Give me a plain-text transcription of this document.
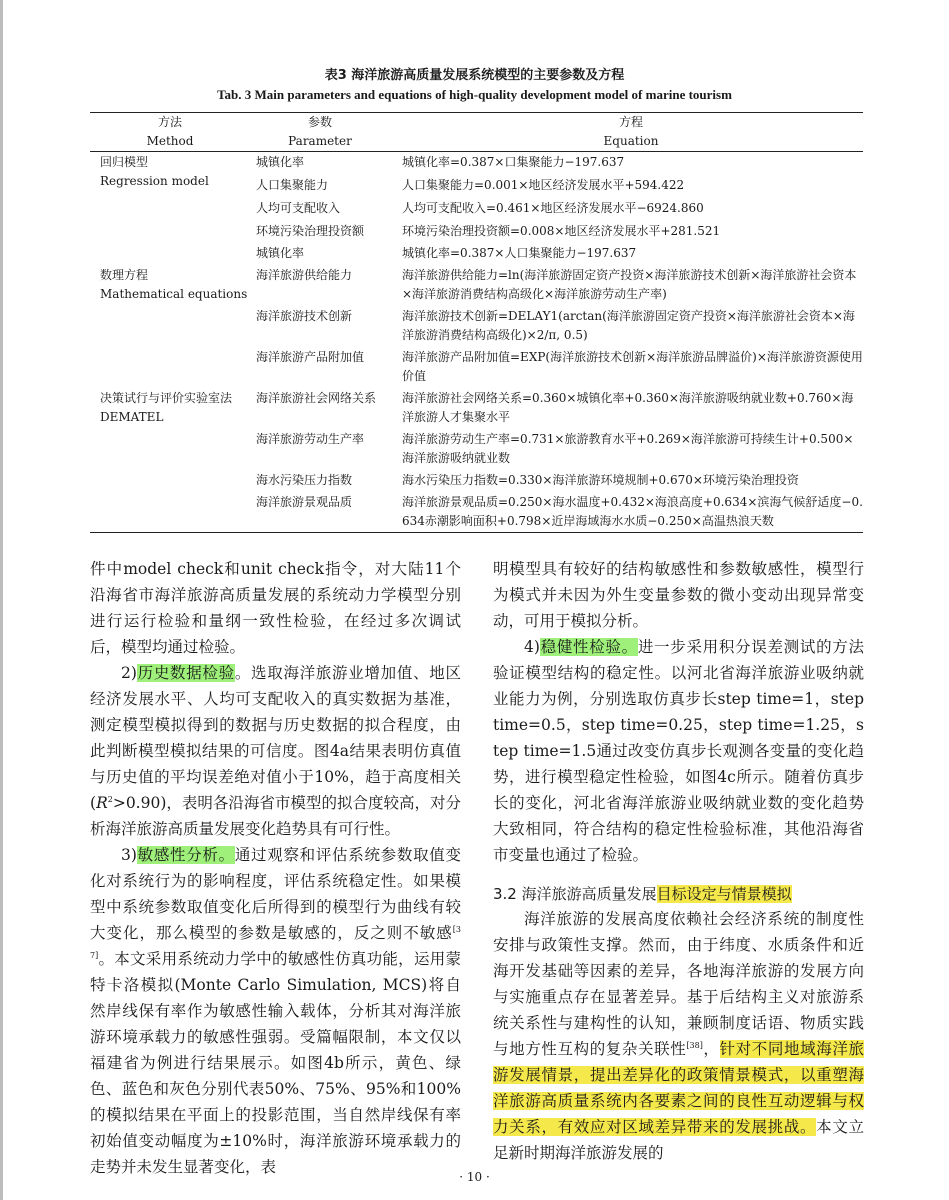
表3 海洋旅游高质量发展系统模型的主要参数及方程
Tab. 3 Main parameters and equations of high-quality development model of marine tourism
方法
Method
参数
Parameter
方程
Equation
回归模型
Regression model
数理方程
Mathematical equations
决策试行与评价实验室法
DEMATEL
城镇化率
人口集聚能力
人均可支配收入
环境污染治理投资额
城镇化率
海洋旅游供给能力
海洋旅游技术创新
海洋旅游产品附加值
海洋旅游社会网络关系
海洋旅游劳动生产率
海水污染压力指数
海洋旅游景观品质
城镇化率=0.387×口集聚能力−197.637
人口集聚能力=0.001×地区经济发展水平+594.422
人均可支配收入=0.461×地区经济发展水平−6924.860
环境污染治理投资额=0.008×地区经济发展水平+281.521
城镇化率=0.387×人口集聚能力−197.637
海洋旅游供给能力=ln(海洋旅游固定资产投资×海洋旅游技术创新×海洋旅游社会资本×海洋旅游消费结构高级化×海洋旅游劳动生产率)
海洋旅游技术创新=DELAY1(arctan(海洋旅游固定资产投资×海洋旅游社会资本×海洋旅游消费结构高级化)×2/π, 0.5)
海洋旅游产品附加值=EXP(海洋旅游技术创新×海洋旅游品牌溢价)×海洋旅游资源使用价值
海洋旅游社会网络关系=0.360×城镇化率+0.360×海洋旅游吸纳就业数+0.760×海洋旅游人才集聚水平
海洋旅游劳动生产率=0.731×旅游教育水平+0.269×海洋旅游可持续生计+0.500×海洋旅游吸纳就业数
海水污染压力指数=0.330×海洋旅游环境规制+0.670×环境污染治理投资
海洋旅游景观品质=0.250×海水温度+0.432×海浪高度+0.634×滨海气候舒适度−0.634赤潮影响面积+0.798×近岸海域海水水质−0.250×高温热浪天数

件中model check和unit check指令，对大陆11个沿海省市海洋旅游高质量发展的系统动力学模型分别进行运行检验和量纲一致性检验，在经过多次调试后，模型均通过检验。

2)历史数据检验。选取海洋旅游业增加值、地区经济发展水平、人均可支配收入的真实数据为基准，测定模型模拟得到的数据与历史数据的拟合程度，由此判断模型模拟结果的可信度。图4a结果表明仿真值与历史值的平均误差绝对值小于10%，趋于高度相关$(R^2>0.90)$，表明各沿海省市模型的拟合度较高，对分析海洋旅游高质量发展变化趋势具有可行性。

3)敏感性分析。通过观察和评估系统参数取值变化对系统行为的影响程度，评估系统稳定性。如果模型中系统参数取值变化后所得到的模型行为曲线有较大变化，那么模型的参数是敏感的，反之则不敏感[37]。本文采用系统动力学中的敏感性仿真功能，运用蒙特卡洛模拟(Monte Carlo Simulation, MCS)将自然岸线保有率作为敏感性输入载体，分析其对海洋旅游环境承载力的敏感性强弱。受篇幅限制，本文仅以福建省为例进行结果展示。如图4b所示，黄色、绿色、蓝色和灰色分别代表50%、75%、95%和100%的模拟结果在平面上的投影范围，当自然岸线保有率初始值变动幅度为±10%时，海洋旅游环境承载力的走势并未发生显著变化，表

明模型具有较好的结构敏感性和参数敏感性，模型行为模式并未因为外生变量参数的微小变动出现异常变动，可用于模拟分析。

4)稳健性检验。进一步采用积分误差测试的方法验证模型结构的稳定性。以河北省海洋旅游业吸纳就业能力为例，分别选取仿真步长step time=1，step time=0.5，step time=0.25，step time=1.25，step time=1.5通过改变仿真步长观测各变量的变化趋势，进行模型稳定性检验，如图4c所示。随着仿真步长的变化，河北省海洋旅游业吸纳就业数的变化趋势大致相同，符合结构的稳定性检验标准，其他沿海省市变量也通过了检验。

3.2 海洋旅游高质量发展目标设定与情景模拟

海洋旅游的发展高度依赖社会经济系统的制度性安排与政策性支撑。然而，由于纬度、水质条件和近海开发基础等因素的差异，各地海洋旅游的发展方向与实施重点存在显著差异。基于后结构主义对旅游系统关系性与建构性的认知，兼顾制度话语、物质实践与地方性互构的复杂关联性[38]，针对不同地域海洋旅游发展情景，提出差异化的政策情景模式，以重塑海洋旅游高质量系统内各要素之间的良性互动逻辑与权力关系，有效应对区域差异带来的发展挑战。本文立足新时期海洋旅游发展的

· 10 ·
